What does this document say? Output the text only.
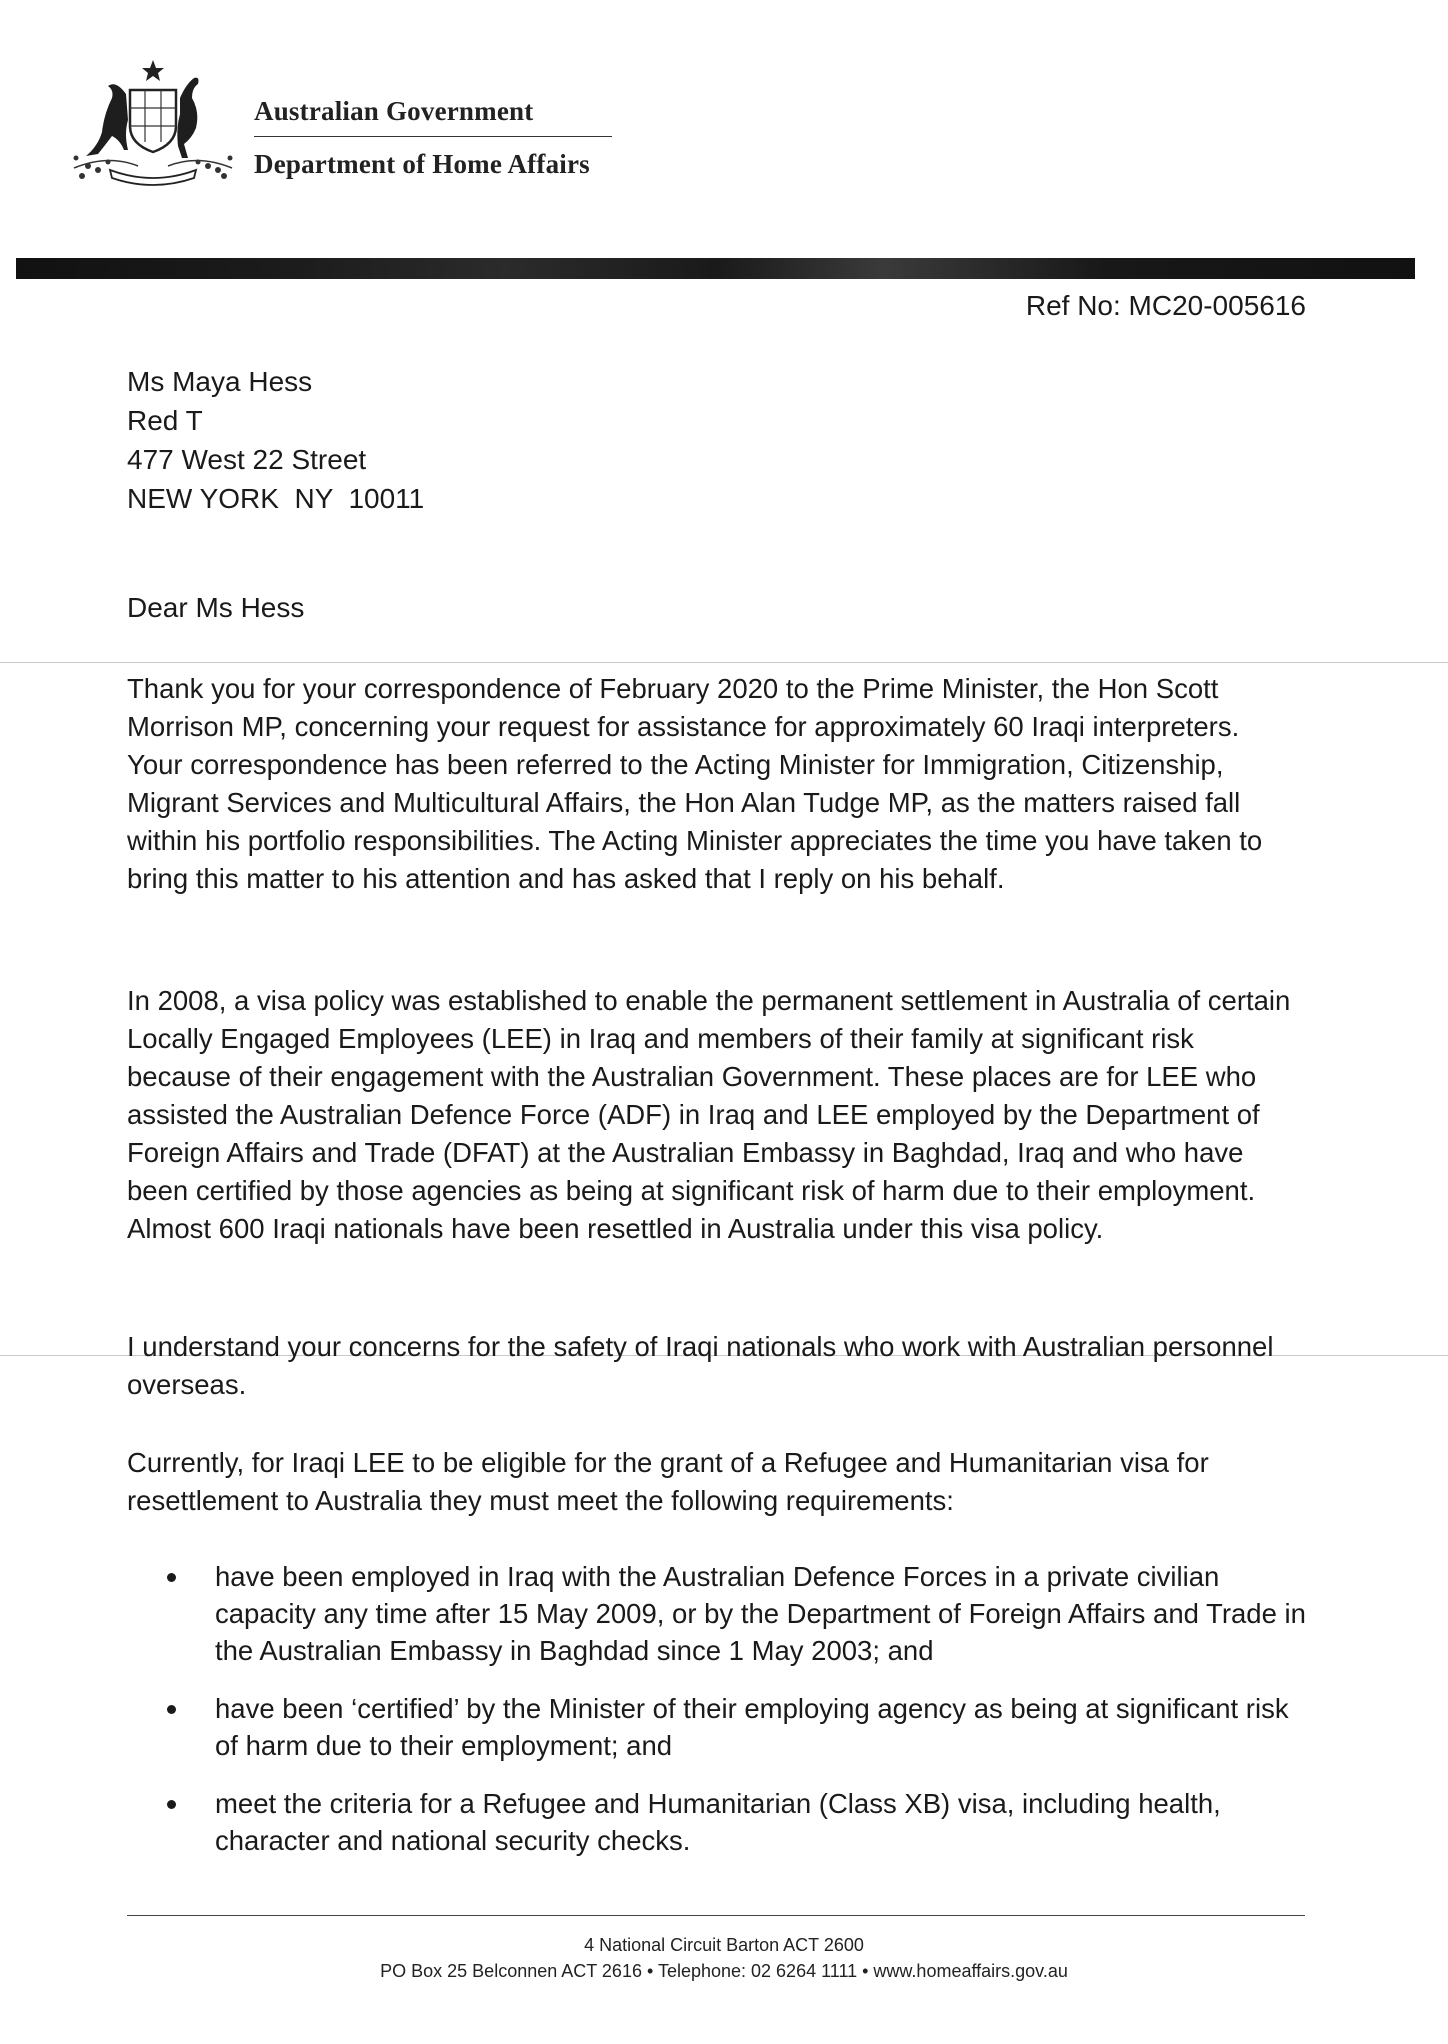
Australian Government
Department of Home Affairs
Ref No: MC20-005616
Ms Maya Hess
Red T
477 West 22 Street
NEW YORK  NY  10011
Dear Ms Hess

Thank you for your correspondence of February 2020 to the Prime Minister, the Hon Scott Morrison MP, concerning your request for assistance for approximately 60 Iraqi interpreters. Your correspondence has been referred to the Acting Minister for Immigration, Citizenship, Migrant Services and Multicultural Affairs, the Hon Alan Tudge MP, as the matters raised fall within his portfolio responsibilities. The Acting Minister appreciates the time you have taken to bring this matter to his attention and has asked that I reply on his behalf.

In 2008, a visa policy was established to enable the permanent settlement in Australia of certain Locally Engaged Employees (LEE) in Iraq and members of their family at significant risk because of their engagement with the Australian Government. These places are for LEE who assisted the Australian Defence Force (ADF) in Iraq and LEE employed by the Department of Foreign Affairs and Trade (DFAT) at the Australian Embassy in Baghdad, Iraq and who have been certified by those agencies as being at significant risk of harm due to their employment. Almost 600 Iraqi nationals have been resettled in Australia under this visa policy.

I understand your concerns for the safety of Iraqi nationals who work with Australian personnel overseas.

Currently, for Iraqi LEE to be eligible for the grant of a Refugee and Humanitarian visa for resettlement to Australia they must meet the following requirements:

have been employed in Iraq with the Australian Defence Forces in a private civilian capacity any time after 15 May 2009, or by the Department of Foreign Affairs and Trade in the Australian Embassy in Baghdad since 1 May 2003; and
have been ‘certified’ by the Minister of their employing agency as being at significant risk of harm due to their employment; and
meet the criteria for a Refugee and Humanitarian (Class XB) visa, including health, character and national security checks.
4 National Circuit Barton ACT 2600
PO Box 25 Belconnen ACT 2616 • Telephone: 02 6264 1111 • www.homeaffairs.gov.au
